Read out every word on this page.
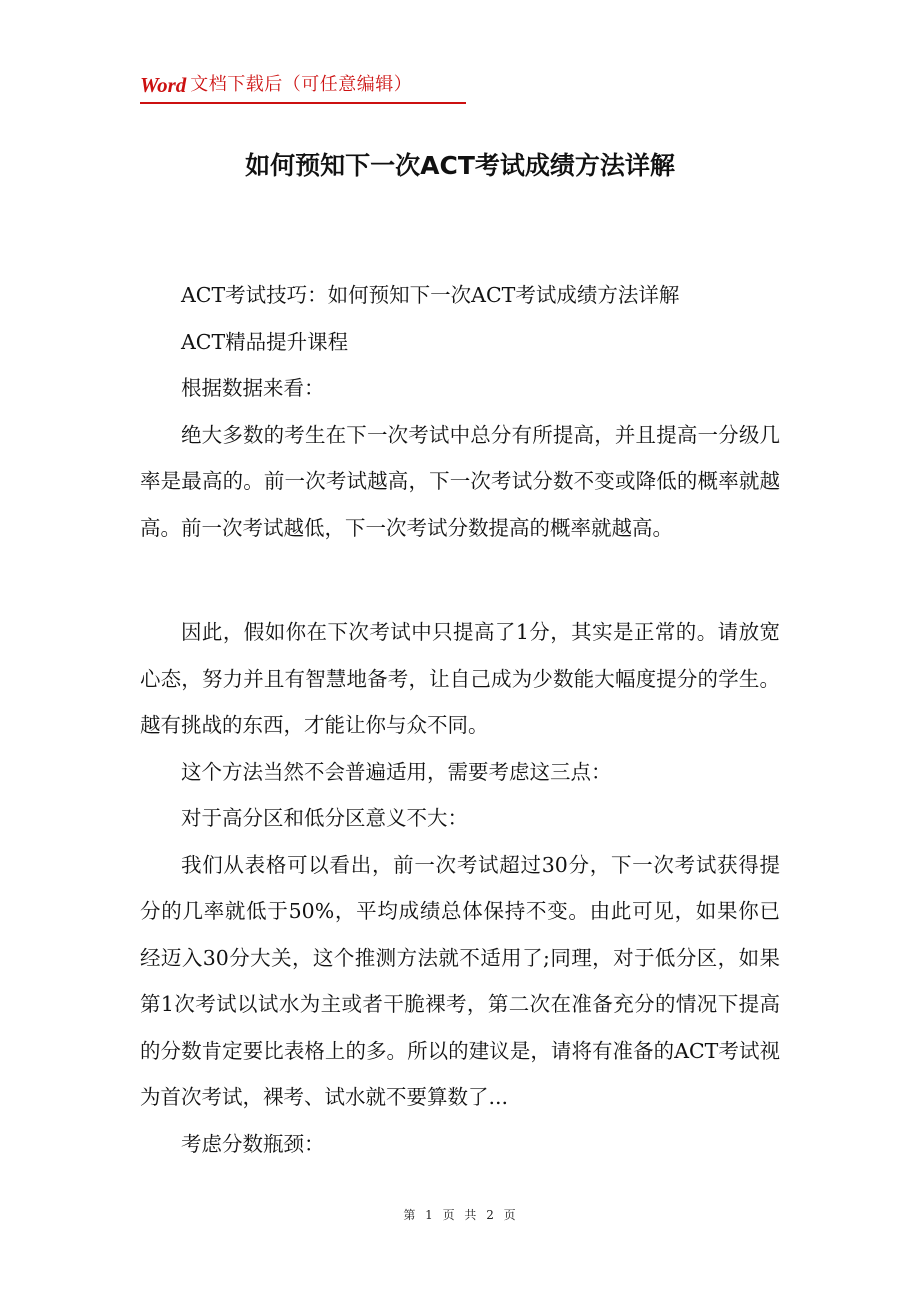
Word 文档下载后（可任意编辑）
如何预知下一次ACT考试成绩方法详解

ACT考试技巧：如何预知下一次ACT考试成绩方法详解

ACT精品提升课程

根据数据来看：

绝大多数的考生在下一次考试中总分有所提高，并且提高一分级几率是最高的。前一次考试越高，下一次考试分数不变或降低的概率就越高。前一次考试越低，下一次考试分数提高的概率就越高。

因此，假如你在下次考试中只提高了1分，其实是正常的。请放宽心态，努力并且有智慧地备考，让自己成为少数能大幅度提分的学生。越有挑战的东西，才能让你与众不同。

这个方法当然不会普遍适用，需要考虑这三点：

对于高分区和低分区意义不大：

我们从表格可以看出，前一次考试超过30分，下一次考试获得提分的几率就低于50%，平均成绩总体保持不变。由此可见，如果你已经迈入30分大关，这个推测方法就不适用了;同理，对于低分区，如果第1次考试以试水为主或者干脆裸考，第二次在准备充分的情况下提高的分数肯定要比表格上的多。所以的建议是，请将有准备的ACT考试视为首次考试，裸考、试水就不要算数了...

考虑分数瓶颈：

第 1 页 共 2 页
